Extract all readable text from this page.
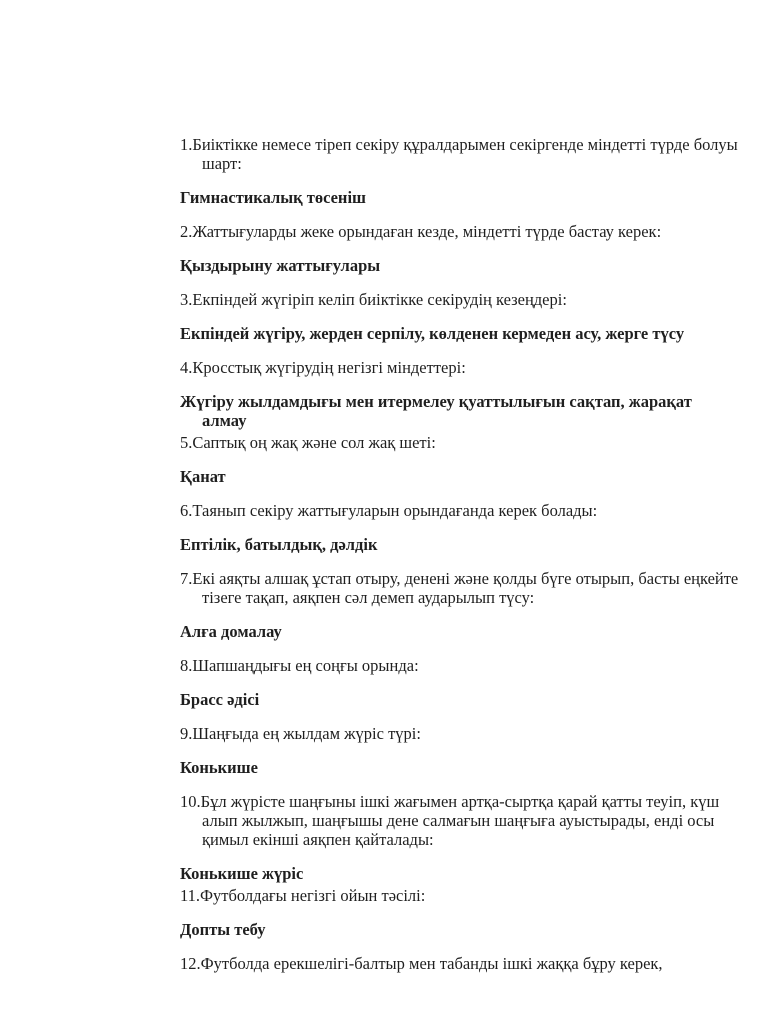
1.Биіктікке немесе тіреп секіру құралдарымен секіргенде міндетті түрде болуы шарт:

Гимнастикалық төсеніш

2.Жаттығуларды жеке орындаған кезде, міндетті түрде бастау керек:

Қыздырыну жаттығулары

3.Екпіндей жүгіріп келіп биіктікке секірудің кезеңдері:

Екпіндей жүгіру, жерден серпілу, көлденен кермеден асу, жерге түсу

4.Кросстық жүгірудің негізгі міндеттері:

Жүгіру жылдамдығы мен итермелеу қуаттылығын сақтап, жарақат алмау

5.Саптық оң жақ және сол жақ шеті:

Қанат

6.Таянып секіру жаттығуларын орындағанда керек болады:

Ептілік, батылдық, дәлдік

7.Екі аяқты алшақ ұстап отыру, денені және қолды бүге отырып, басты еңкейте тізеге тақап, аяқпен сәл демеп аударылып түсу:

Алға домалау

8.Шапшаңдығы ең соңғы орында:

Брасс әдісі

9.Шаңғыда ең жылдам жүріс түрі:

Конькише

10.Бұл жүрісте шаңғыны ішкі жағымен артқа-сыртқа қарай қатты теуіп, күш алып жылжып, шаңғышы дене салмағын шаңғыға ауыстырады, енді осы қимыл екінші аяқпен қайталады:

Конькише жүріс

11.Футболдағы негізгі ойын тәсілі:

Допты тебу

12.Футболда ерекшелігі-балтыр мен табанды ішкі жаққа бұру керек,
